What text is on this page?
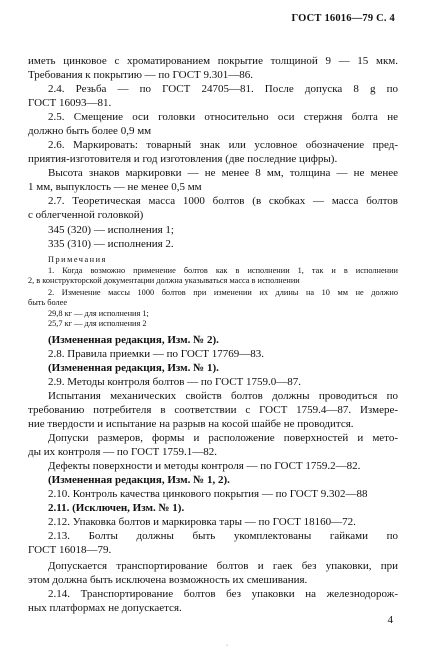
ГОСТ 16016—79 С. 4
иметь цинковое с хроматированием покрытие толщиной 9 — 15 мкм.
Требования к покрытию — по ГОСТ 9.301—86.
2.4. Резьба — по ГОСТ 24705—81. После допуска 8 g по
ГОСТ 16093—81.
2.5. Смещение оси головки относительно оси стержня болта не
должно быть более 0,9 мм
2.6. Маркировать: товарный знак или условное обозначение пред-
приятия-изготовителя и год изготовления (две последние цифры).
Высота знаков маркировки — не менее 8 мм, толщина — не менее
1 мм, выпуклость — не менее 0,5 мм
2.7. Теоретическая масса 1000 болтов (в скобках — масса болтов
с облегченной головкой)
345 (320) — исполнения 1;
335 (310) — исполнения 2.
Примечания
1. Когда возможно применение болтов как в исполнении 1, так и в исполнении
2, в конструкторской документации должна указываться масса в исполнении
2. Изменение массы 1000 болтов при изменении их длины на 10 мм не должно
быть более
29,8 кг — для исполнения 1;
25,7 кг — для исполнения 2
(Измененная редакция, Изм. № 2).
2.8. Правила приемки — по ГОСТ 17769—83.
(Измененная редакция, Изм. № 1).
2.9. Методы контроля болтов — по ГОСТ 1759.0—87.
Испытания механических свойств болтов должны проводиться по
требованию потребителя в соответствии с ГОСТ 1759.4—87. Измере-
ние твердости и испытание на разрыв на косой шайбе не проводится.
Допуски размеров, формы и расположение поверхностей и мето-
ды их контроля — по ГОСТ 1759.1—82.
Дефекты поверхности и методы контроля — по ГОСТ 1759.2—82.
(Измененная редакция, Изм. № 1, 2).
2.10. Контроль качества цинкового покрытия — по ГОСТ 9.302—88
2.11. (Исключен, Изм. № 1).
2.12. Упаковка болтов и маркировка тары — по ГОСТ 18160—72.
2.13. Болты должны быть укомплектованы гайками по
ГОСТ 16018—79.
Допускается транспортирование болтов и гаек без упаковки, при
этом должна быть исключена возможность их смешивания.
2.14. Транспортирование болтов без упаковки на железнодорож-
ных платформах не допускается.
4
·
